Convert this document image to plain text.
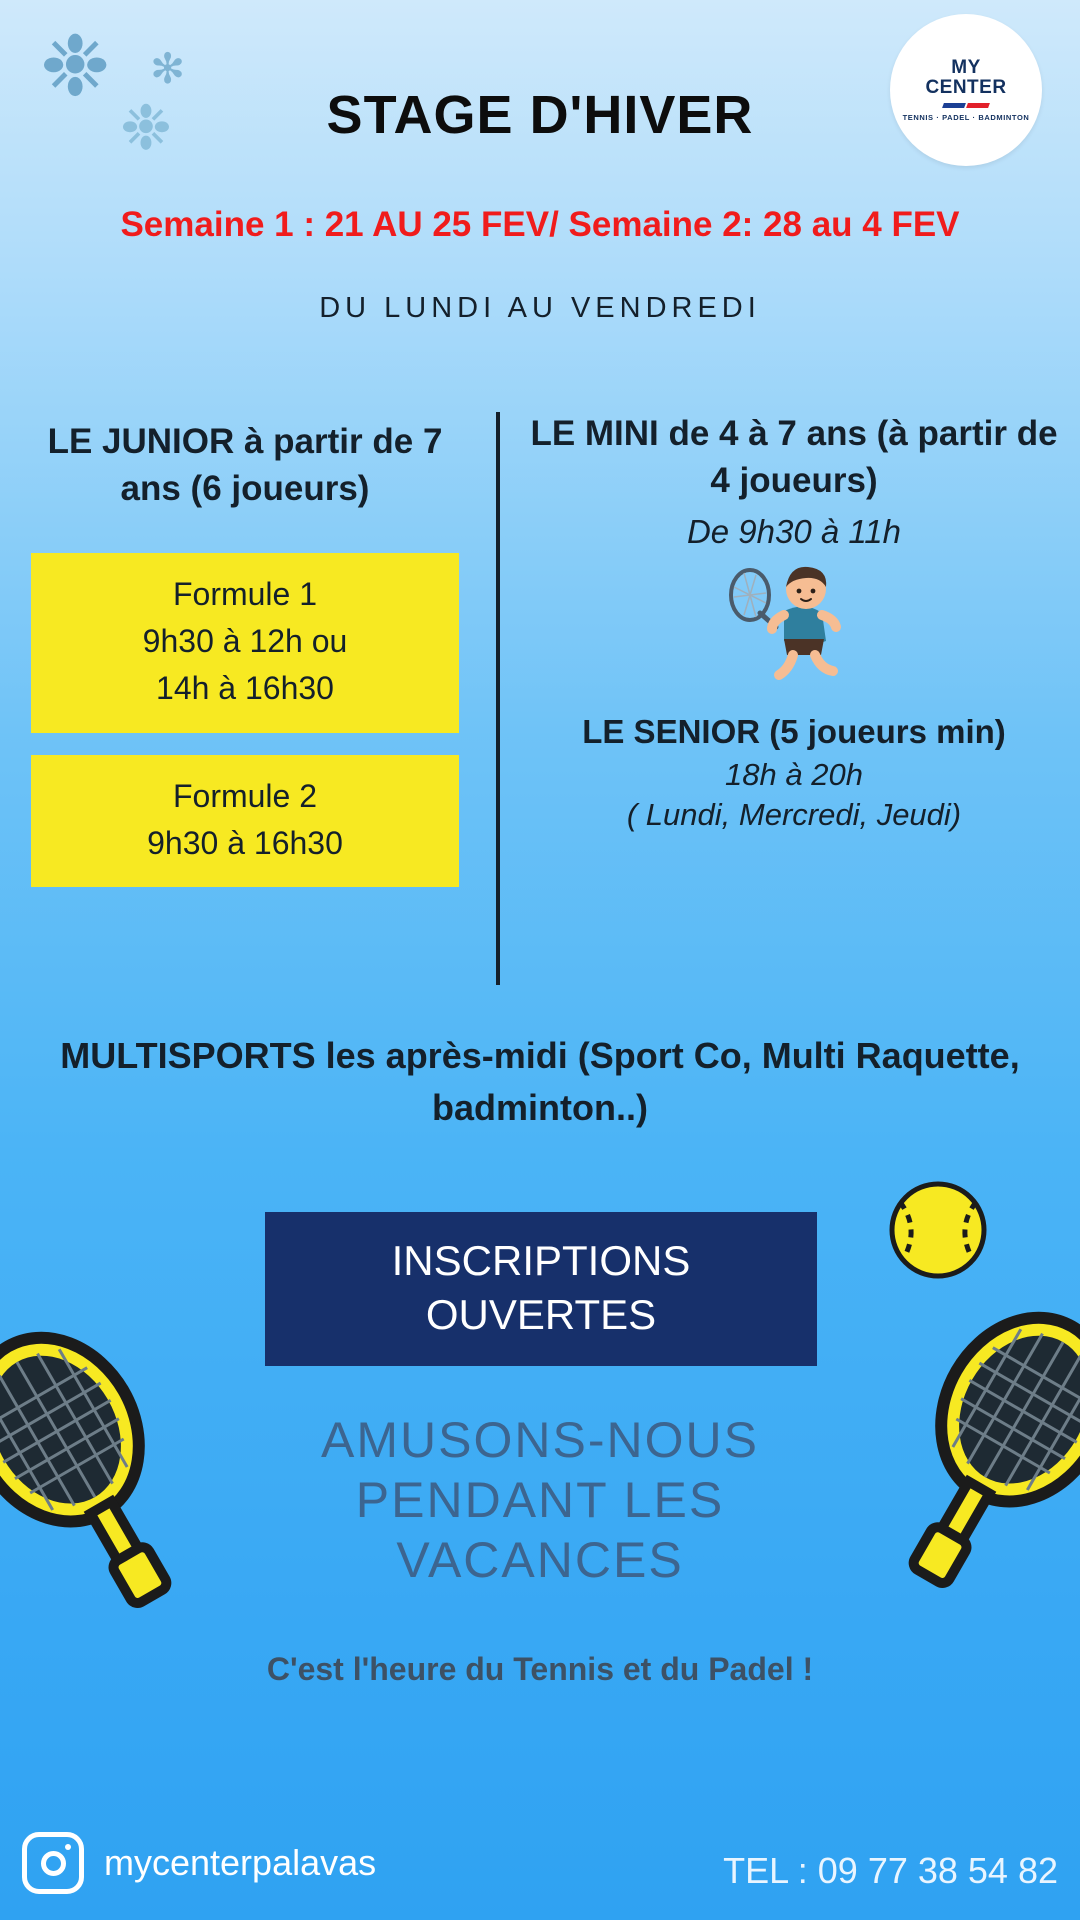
❉ ✻
❉
MY
CENTER
TENNIS · PADEL · BADMINTON
STAGE D'HIVER
Semaine 1 : 21 AU 25 FEV/ Semaine 2: 28 au 4 FEV
DU LUNDI AU VENDREDI
LE JUNIOR à partir de 7 ans (6 joueurs)
Formule 1
9h30 à 12h ou
14h à 16h30
Formule 2
9h30 à 16h30
LE MINI de 4 à 7 ans (à partir de 4 joueurs)
De 9h30 à 11h
LE SENIOR (5 joueurs min)
18h à 20h
( Lundi, Mercredi, Jeudi)
MULTISPORTS les après-midi (Sport Co, Multi Raquette, badminton..)
INSCRIPTIONS
OUVERTES
AMUSONS-NOUS
PENDANT LES
VACANCES
C'est l'heure du Tennis et du Padel !
mycenterpalavas	TEL : 09 77 38 54 82
